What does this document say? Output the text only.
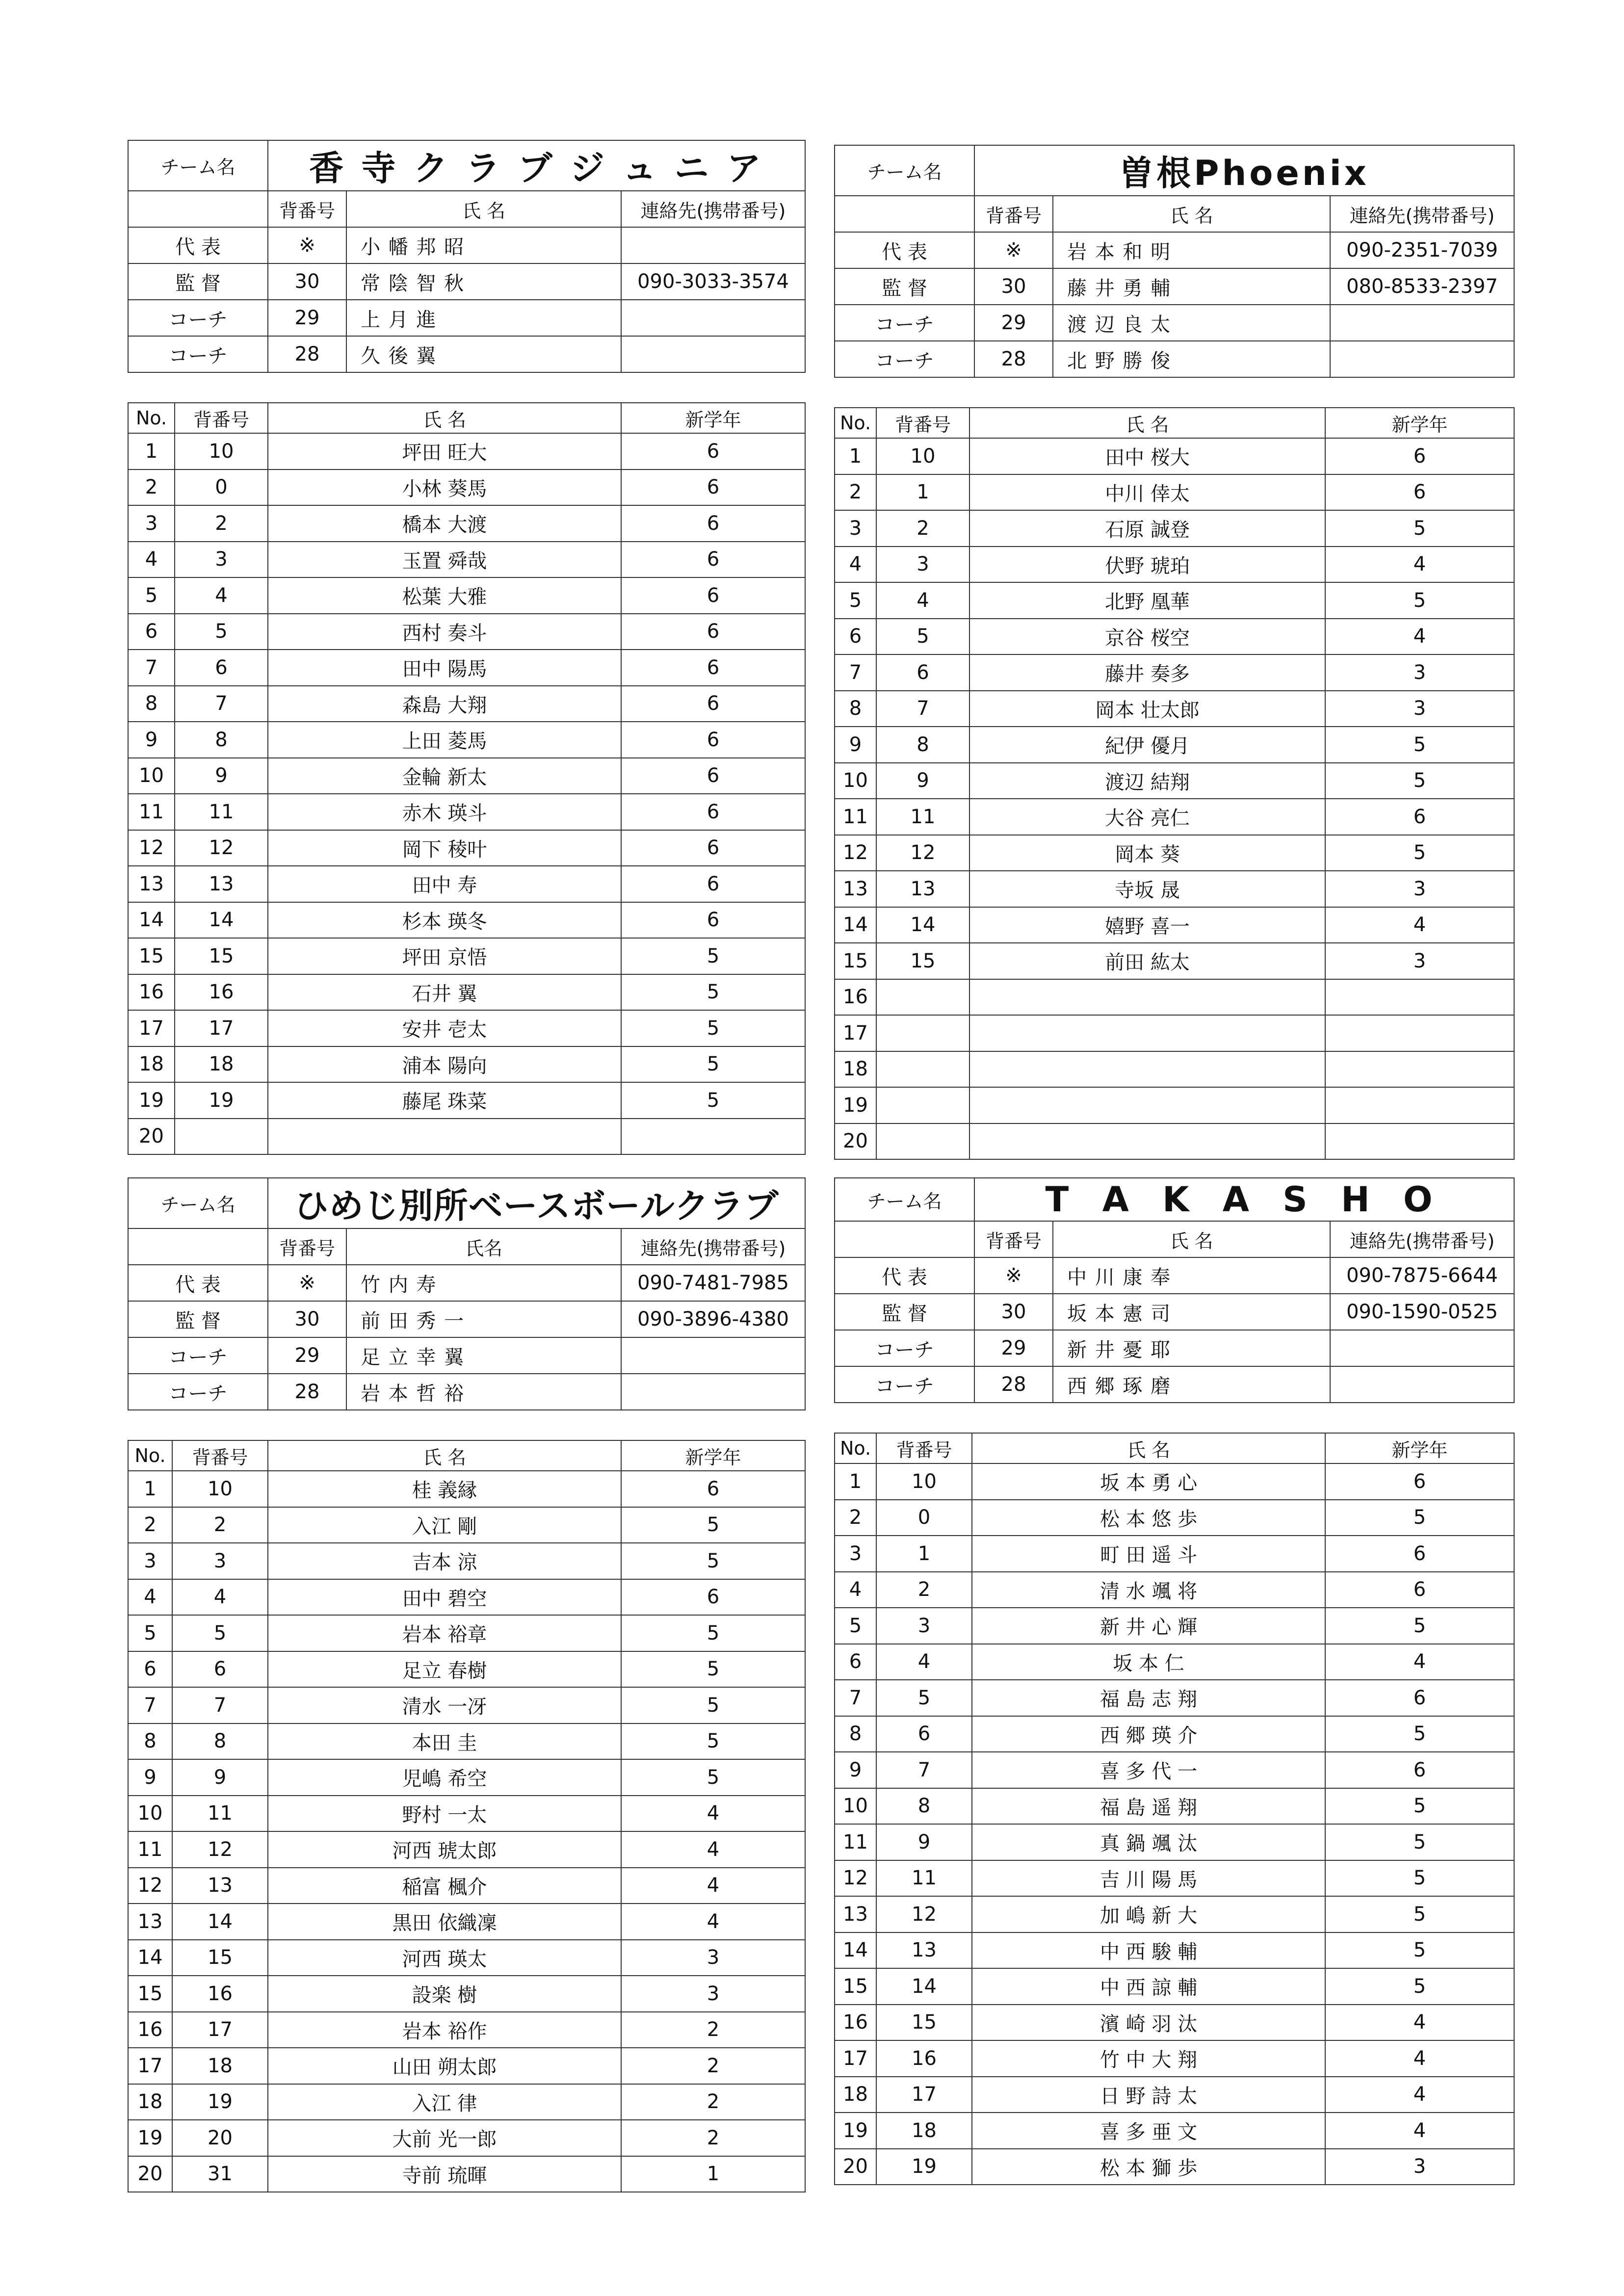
チーム名	香 寺 ク ラ ブ ジ ュ ニ ア		
	背番号	氏 名	連絡先(携帯番号)
代 表	※	小 幡 邦 昭	
監 督	30	常 陰 智 秋	090-3033-3574
コーチ	29	上 月 進	
コーチ	28	久 後 翼	
No.	背番号	氏 名	新学年
1	10	坪田 旺大	6
2	0	小林 葵馬	6
3	2	橋本 大渡	6
4	3	玉置 舜哉	6
5	4	松葉 大雅	6
6	5	西村 奏斗	6
7	6	田中 陽馬	6
8	7	森島 大翔	6
9	8	上田 菱馬	6
10	9	金輪 新太	6
11	11	赤木 瑛斗	6
12	12	岡下 稜叶	6
13	13	田中 寿	6
14	14	杉本 瑛冬	6
15	15	坪田 京悟	5
16	16	石井 翼	5
17	17	安井 壱太	5
18	18	浦本 陽向	5
19	19	藤尾 珠菜	5
20			
チーム名	曽根Phoenix		
	背番号	氏 名	連絡先(携帯番号)
代 表	※	岩 本 和 明	090-2351-7039
監 督	30	藤 井 勇 輔	080-8533-2397
コーチ	29	渡 辺 良 太	
コーチ	28	北 野 勝 俊	
No.	背番号	氏 名	新学年
1	10	田中 桜大	6
2	1	中川 倖太	6
3	2	石原 誠登	5
4	3	伏野 琥珀	4
5	4	北野 凰華	5
6	5	京谷 桜空	4
7	6	藤井 奏多	3
8	7	岡本 壮太郎	3
9	8	紀伊 優月	5
10	9	渡辺 結翔	5
11	11	大谷 亮仁	6
12	12	岡本 葵	5
13	13	寺坂 晟	3
14	14	嬉野 喜一	4
15	15	前田 紘太	3
16			
17			
18			
19			
20			
チーム名	ひめじ別所ベースボールクラブ		
	背番号	氏名	連絡先(携帯番号)
代 表	※	竹 内 寿	090-7481-7985
監 督	30	前 田 秀 一	090-3896-4380
コーチ	29	足 立 幸 翼	
コーチ	28	岩 本 哲 裕	
No.	背番号	氏 名	新学年
1	10	桂 義縁	6
2	2	入江 剛	5
3	3	吉本 涼	5
4	4	田中 碧空	6
5	5	岩本 裕章	5
6	6	足立 春樹	5
7	7	清水 一冴	5
8	8	本田 圭	5
9	9	児嶋 希空	5
10	11	野村 一太	4
11	12	河西 琥太郎	4
12	13	稲富 楓介	4
13	14	黒田 依織凜	4
14	15	河西 瑛太	3
15	16	設楽 樹	3
16	17	岩本 裕作	2
17	18	山田 朔太郎	2
18	19	入江 律	2
19	20	大前 光一郎	2
20	31	寺前 琉暉	1
チーム名	T A K A S H O		
	背番号	氏 名	連絡先(携帯番号)
代 表	※	中 川 康 奉	090-7875-6644
監 督	30	坂 本 憲 司	090-1590-0525
コーチ	29	新 井 憂 耶	
コーチ	28	西 郷 琢 磨	
No.	背番号	氏 名	新学年
1	10	坂 本 勇 心	6
2	0	松 本 悠 歩	5
3	1	町 田 遥 斗	6
4	2	清 水 颯 将	6
5	3	新 井 心 輝	5
6	4	坂 本 仁	4
7	5	福 島 志 翔	6
8	6	西 郷 瑛 介	5
9	7	喜 多 代 一	6
10	8	福 島 遥 翔	5
11	9	真 鍋 颯 汰	5
12	11	吉 川 陽 馬	5
13	12	加 嶋 新 大	5
14	13	中 西 駿 輔	5
15	14	中 西 諒 輔	5
16	15	濱 崎 羽 汰	4
17	16	竹 中 大 翔	4
18	17	日 野 詩 太	4
19	18	喜 多 亜 文	4
20	19	松 本 獅 歩	3
